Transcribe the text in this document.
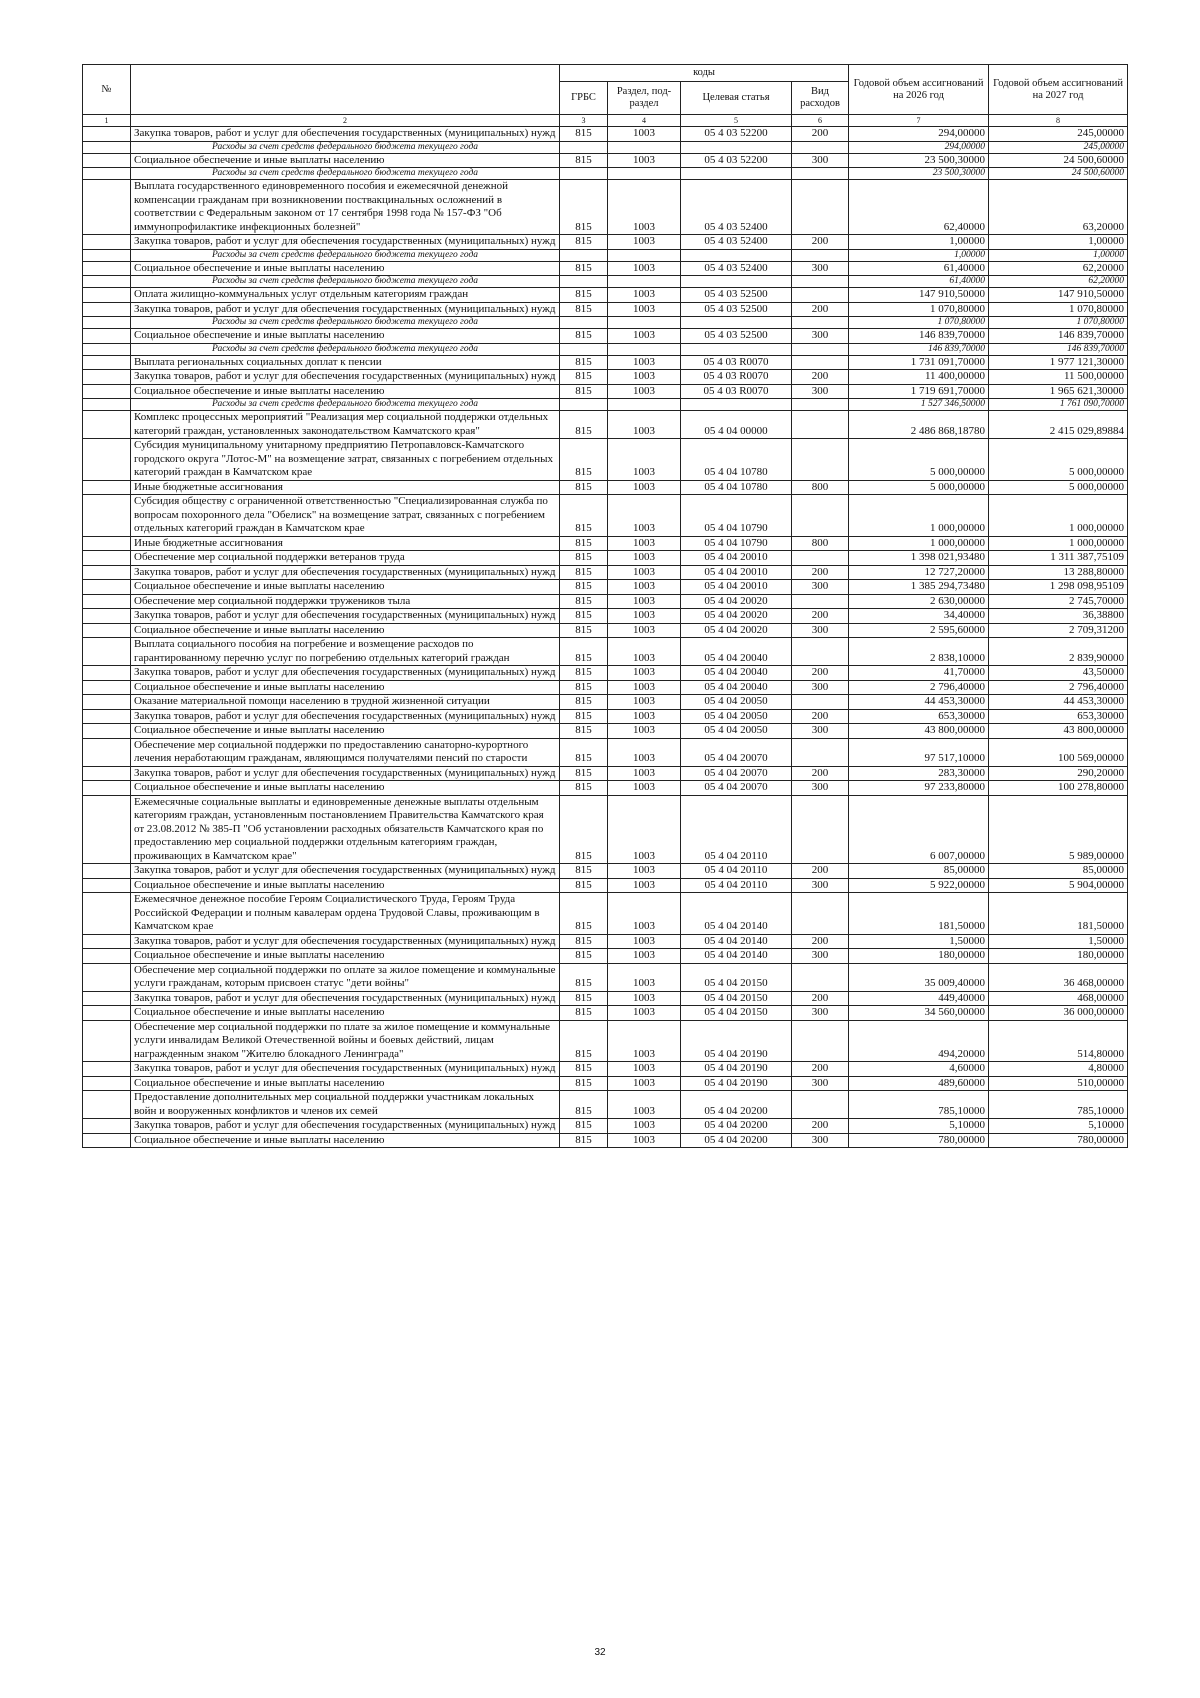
№		коды				Годовой объем ассигнований на 2026 год	Годовой объем ассигнований на 2027 год
		ГРБС	Раздел, под-раздел	Целевая статья	Вид расходов		
1	2	3	4	5	6	7	8
	Закупка товаров, работ и услуг для обеспечения государственных (муниципальных) нужд	815	1003	05 4 03 52200	200	294,00000	245,00000
	Расходы за счет средств федерального бюджета текущего года					294,00000	245,00000
	Социальное обеспечение и иные выплаты населению	815	1003	05 4 03 52200	300	23 500,30000	24 500,60000
	Расходы за счет средств федерального бюджета текущего года					23 500,30000	24 500,60000
	Выплата государственного единовременного пособия и ежемесячной денежной компенсации гражданам при возникновении поствакцинальных осложнений в соответствии с Федеральным законом от 17 сентября 1998 года № 157-ФЗ "Об иммунопрофилактике инфекционных болезней"	815	1003	05 4 03 52400		62,40000	63,20000
	Закупка товаров, работ и услуг для обеспечения государственных (муниципальных) нужд	815	1003	05 4 03 52400	200	1,00000	1,00000
	Расходы за счет средств федерального бюджета текущего года					1,00000	1,00000
	Социальное обеспечение и иные выплаты населению	815	1003	05 4 03 52400	300	61,40000	62,20000
	Расходы за счет средств федерального бюджета текущего года					61,40000	62,20000
	Оплата жилищно-коммунальных услуг отдельным категориям граждан	815	1003	05 4 03 52500		147 910,50000	147 910,50000
	Закупка товаров, работ и услуг для обеспечения государственных (муниципальных) нужд	815	1003	05 4 03 52500	200	1 070,80000	1 070,80000
	Расходы за счет средств федерального бюджета текущего года					1 070,80000	1 070,80000
	Социальное обеспечение и иные выплаты населению	815	1003	05 4 03 52500	300	146 839,70000	146 839,70000
	Расходы за счет средств федерального бюджета текущего года					146 839,70000	146 839,70000
	Выплата региональных социальных доплат к пенсии	815	1003	05 4 03 R0070		1 731 091,70000	1 977 121,30000
	Закупка товаров, работ и услуг для обеспечения государственных (муниципальных) нужд	815	1003	05 4 03 R0070	200	11 400,00000	11 500,00000
	Социальное обеспечение и иные выплаты населению	815	1003	05 4 03 R0070	300	1 719 691,70000	1 965 621,30000
	Расходы за счет средств федерального бюджета текущего года					1 527 346,50000	1 761 090,70000
	Комплекс процессных мероприятий "Реализация мер социальной поддержки отдельных категорий граждан, установленных законодательством Камчатского края"	815	1003	05 4 04 00000		2 486 868,18780	2 415 029,89884
	Субсидия муниципальному унитарному предприятию Петропавловск-Камчатского городского округа "Лотос-М" на возмещение затрат, связанных с погребением отдельных категорий граждан в Камчатском крае	815	1003	05 4 04 10780		5 000,00000	5 000,00000
	Иные бюджетные ассигнования	815	1003	05 4 04 10780	800	5 000,00000	5 000,00000
	Субсидия обществу с ограниченной ответственностью "Специализированная служба по вопросам похоронного дела "Обелиск" на возмещение затрат, связанных с погребением отдельных категорий граждан в Камчатском крае	815	1003	05 4 04 10790		1 000,00000	1 000,00000
	Иные бюджетные ассигнования	815	1003	05 4 04 10790	800	1 000,00000	1 000,00000
	Обеспечение мер социальной поддержки ветеранов труда	815	1003	05 4 04 20010		1 398 021,93480	1 311 387,75109
	Закупка товаров, работ и услуг для обеспечения государственных (муниципальных) нужд	815	1003	05 4 04 20010	200	12 727,20000	13 288,80000
	Социальное обеспечение и иные выплаты населению	815	1003	05 4 04 20010	300	1 385 294,73480	1 298 098,95109
	Обеспечение мер социальной поддержки тружеников тыла	815	1003	05 4 04 20020		2 630,00000	2 745,70000
	Закупка товаров, работ и услуг для обеспечения государственных (муниципальных) нужд	815	1003	05 4 04 20020	200	34,40000	36,38800
	Социальное обеспечение и иные выплаты населению	815	1003	05 4 04 20020	300	2 595,60000	2 709,31200
	Выплата социального пособия на погребение и возмещение расходов по гарантированному перечню услуг по погребению отдельных категорий граждан	815	1003	05 4 04 20040		2 838,10000	2 839,90000
	Закупка товаров, работ и услуг для обеспечения государственных (муниципальных) нужд	815	1003	05 4 04 20040	200	41,70000	43,50000
	Социальное обеспечение и иные выплаты населению	815	1003	05 4 04 20040	300	2 796,40000	2 796,40000
	Оказание материальной помощи населению в трудной жизненной ситуации	815	1003	05 4 04 20050		44 453,30000	44 453,30000
	Закупка товаров, работ и услуг для обеспечения государственных (муниципальных) нужд	815	1003	05 4 04 20050	200	653,30000	653,30000
	Социальное обеспечение и иные выплаты населению	815	1003	05 4 04 20050	300	43 800,00000	43 800,00000
	Обеспечение мер социальной поддержки по предоставлению санаторно-курортного лечения неработающим гражданам, являющимся получателями пенсий по старости	815	1003	05 4 04 20070		97 517,10000	100 569,00000
	Закупка товаров, работ и услуг для обеспечения государственных (муниципальных) нужд	815	1003	05 4 04 20070	200	283,30000	290,20000
	Социальное обеспечение и иные выплаты населению	815	1003	05 4 04 20070	300	97 233,80000	100 278,80000
	Ежемесячные социальные выплаты и единовременные денежные выплаты отдельным категориям граждан, установленным постановлением Правительства Камчатского края от 23.08.2012 № 385-П "Об установлении расходных обязательств Камчатского края по предоставлению мер социальной поддержки отдельным категориям граждан, проживающих в Камчатском крае"	815	1003	05 4 04 20110		6 007,00000	5 989,00000
	Закупка товаров, работ и услуг для обеспечения государственных (муниципальных) нужд	815	1003	05 4 04 20110	200	85,00000	85,00000
	Социальное обеспечение и иные выплаты населению	815	1003	05 4 04 20110	300	5 922,00000	5 904,00000
	Ежемесячное денежное пособие Героям Социалистического Труда, Героям Труда Российской Федерации и полным кавалерам ордена Трудовой Славы, проживающим в Камчатском крае	815	1003	05 4 04 20140		181,50000	181,50000
	Закупка товаров, работ и услуг для обеспечения государственных (муниципальных) нужд	815	1003	05 4 04 20140	200	1,50000	1,50000
	Социальное обеспечение и иные выплаты населению	815	1003	05 4 04 20140	300	180,00000	180,00000
	Обеспечение мер социальной поддержки по оплате за жилое помещение и коммунальные услуги гражданам, которым присвоен статус "дети войны"	815	1003	05 4 04 20150		35 009,40000	36 468,00000
	Закупка товаров, работ и услуг для обеспечения государственных (муниципальных) нужд	815	1003	05 4 04 20150	200	449,40000	468,00000
	Социальное обеспечение и иные выплаты населению	815	1003	05 4 04 20150	300	34 560,00000	36 000,00000
	Обеспечение мер социальной поддержки по плате за жилое помещение и коммунальные услуги инвалидам Великой Отечественной войны и боевых действий, лицам награжденным знаком "Жителю блокадного Ленинграда"	815	1003	05 4 04 20190		494,20000	514,80000
	Закупка товаров, работ и услуг для обеспечения государственных (муниципальных) нужд	815	1003	05 4 04 20190	200	4,60000	4,80000
	Социальное обеспечение и иные выплаты населению	815	1003	05 4 04 20190	300	489,60000	510,00000
	Предоставление дополнительных мер социальной поддержки участникам локальных войн и вооруженных конфликтов и членов их семей	815	1003	05 4 04 20200		785,10000	785,10000
	Закупка товаров, работ и услуг для обеспечения государственных (муниципальных) нужд	815	1003	05 4 04 20200	200	5,10000	5,10000
	Социальное обеспечение и иные выплаты населению	815	1003	05 4 04 20200	300	780,00000	780,00000
32
